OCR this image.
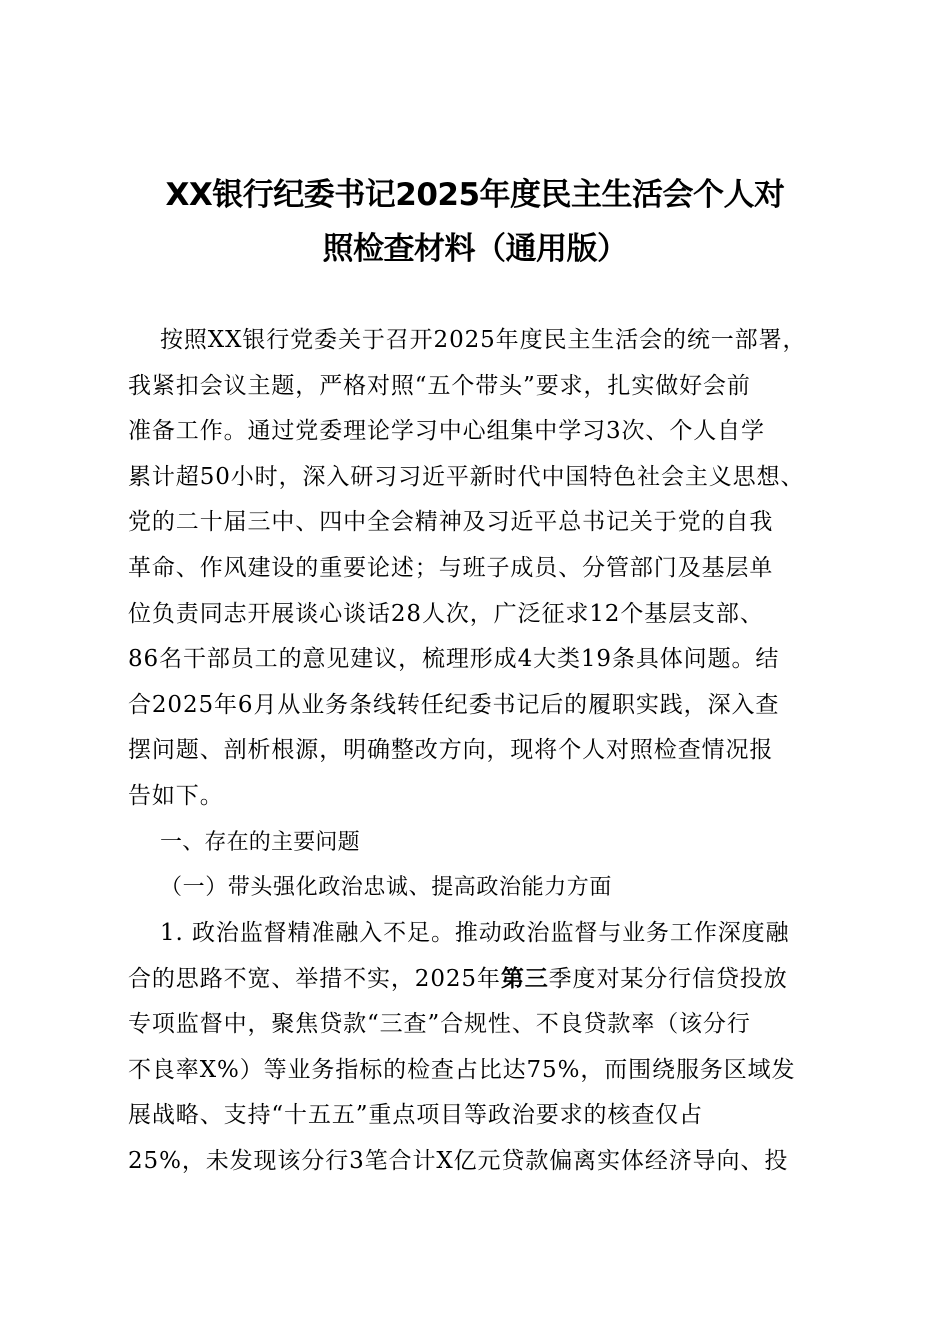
XX银行纪委书记2025年度民主生活会个人对
照检查材料（通用版）
按照XX银行党委关于召开2025年度民主生活会的统一部署，
我紧扣会议主题，严格对照“五个带头”要求，扎实做好会前
准备工作。通过党委理论学习中心组集中学习3次、个人自学
累计超50小时，深入研习习近平新时代中国特色社会主义思想、
党的二十届三中、四中全会精神及习近平总书记关于党的自我
革命、作风建设的重要论述；与班子成员、分管部门及基层单
位负责同志开展谈心谈话28人次，广泛征求12个基层支部、
86名干部员工的意见建议，梳理形成4大类19条具体问题。结
合2025年6月从业务条线转任纪委书记后的履职实践，深入查
摆问题、剖析根源，明确整改方向，现将个人对照检查情况报
告如下。
一、存在的主要问题
（一）带头强化政治忠诚、提高政治能力方面
1. 政治监督精准融入不足。推动政治监督与业务工作深度融
合的思路不宽、举措不实，2025年第三季度对某分行信贷投放
专项监督中，聚焦贷款“三查”合规性、不良贷款率（该分行
不良率X%）等业务指标的检查占比达75%，而围绕服务区域发
展战略、支持“十五五”重点项目等政治要求的核查仅占
25%，未发现该分行3笔合计X亿元贷款偏离实体经济导向、投
